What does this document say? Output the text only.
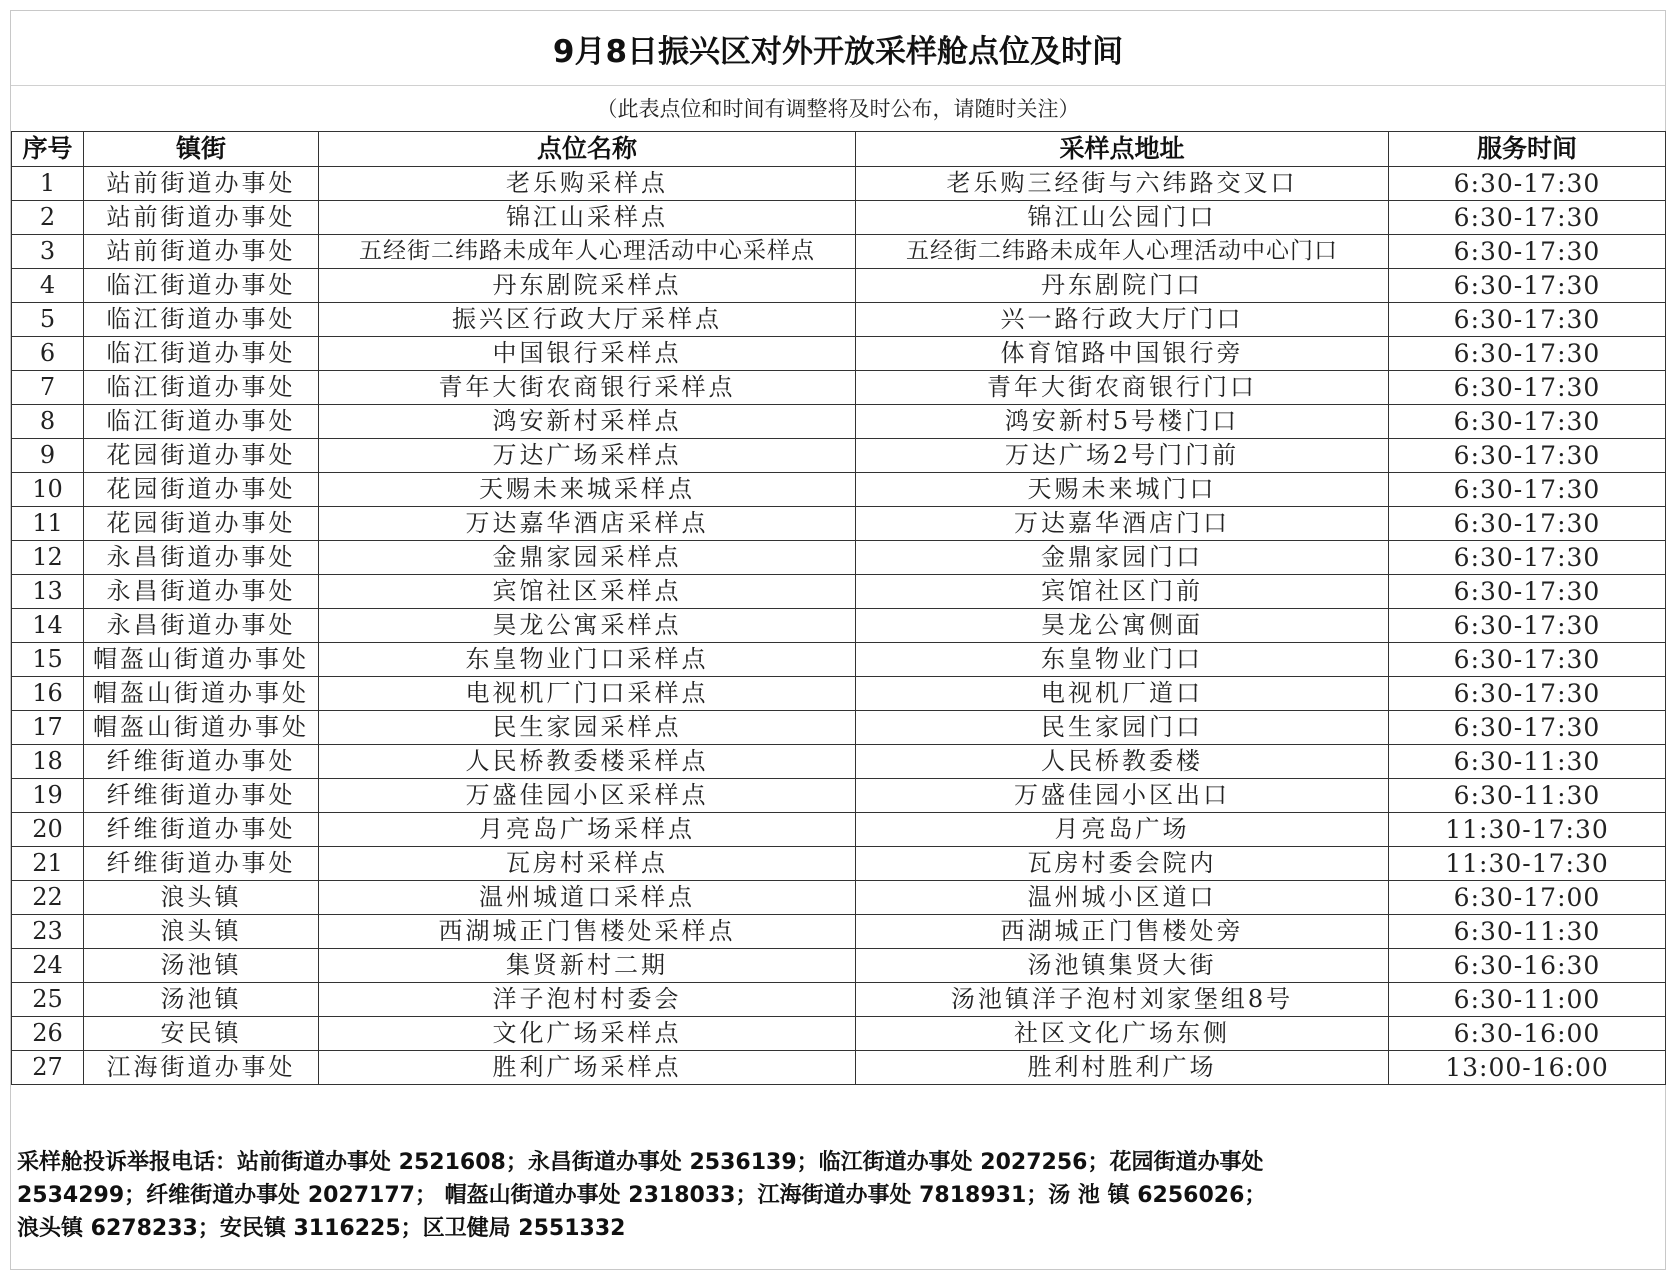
9月8日振兴区对外开放采样舱点位及时间
（此表点位和时间有调整将及时公布，请随时关注）
序号	镇街	点位名称	采样点地址	服务时间
1	站前街道办事处	老乐购采样点	老乐购三经街与六纬路交叉口	6:30-17:30
2	站前街道办事处	锦江山采样点	锦江山公园门口	6:30-17:30
3	站前街道办事处	五经街二纬路未成年人心理活动中心采样点	五经街二纬路未成年人心理活动中心门口	6:30-17:30
4	临江街道办事处	丹东剧院采样点	丹东剧院门口	6:30-17:30
5	临江街道办事处	振兴区行政大厅采样点	兴一路行政大厅门口	6:30-17:30
6	临江街道办事处	中国银行采样点	体育馆路中国银行旁	6:30-17:30
7	临江街道办事处	青年大街农商银行采样点	青年大街农商银行门口	6:30-17:30
8	临江街道办事处	鸿安新村采样点	鸿安新村5号楼门口	6:30-17:30
9	花园街道办事处	万达广场采样点	万达广场2号门门前	6:30-17:30
10	花园街道办事处	天赐未来城采样点	天赐未来城门口	6:30-17:30
11	花园街道办事处	万达嘉华酒店采样点	万达嘉华酒店门口	6:30-17:30
12	永昌街道办事处	金鼎家园采样点	金鼎家园门口	6:30-17:30
13	永昌街道办事处	宾馆社区采样点	宾馆社区门前	6:30-17:30
14	永昌街道办事处	昊龙公寓采样点	昊龙公寓侧面	6:30-17:30
15	帽盔山街道办事处	东皇物业门口采样点	东皇物业门口	6:30-17:30
16	帽盔山街道办事处	电视机厂门口采样点	电视机厂道口	6:30-17:30
17	帽盔山街道办事处	民生家园采样点	民生家园门口	6:30-17:30
18	纤维街道办事处	人民桥教委楼采样点	人民桥教委楼	6:30-11:30
19	纤维街道办事处	万盛佳园小区采样点	万盛佳园小区出口	6:30-11:30
20	纤维街道办事处	月亮岛广场采样点	月亮岛广场	11:30-17:30
21	纤维街道办事处	瓦房村采样点	瓦房村委会院内	11:30-17:30
22	浪头镇	温州城道口采样点	温州城小区道口	6:30-17:00
23	浪头镇	西湖城正门售楼处采样点	西湖城正门售楼处旁	6:30-11:30
24	汤池镇	集贤新村二期	汤池镇集贤大街	6:30-16:30
25	汤池镇	洋子泡村村委会	汤池镇洋子泡村刘家堡组8号	6:30-11:00
26	安民镇	文化广场采样点	社区文化广场东侧	6:30-16:00
27	江海街道办事处	胜利广场采样点	胜利村胜利广场	13:00-16:00
采样舱投诉举报电话：站前街道办事处 2521608；永昌街道办事处 2536139；临江街道办事处 2027256；花园街道办事处
2534299；纤维街道办事处 2027177； 帽盔山街道办事处 2318033；江海街道办事处 7818931；汤 池 镇 6256026；
浪头镇 6278233；安民镇 3116225；区卫健局 2551332
